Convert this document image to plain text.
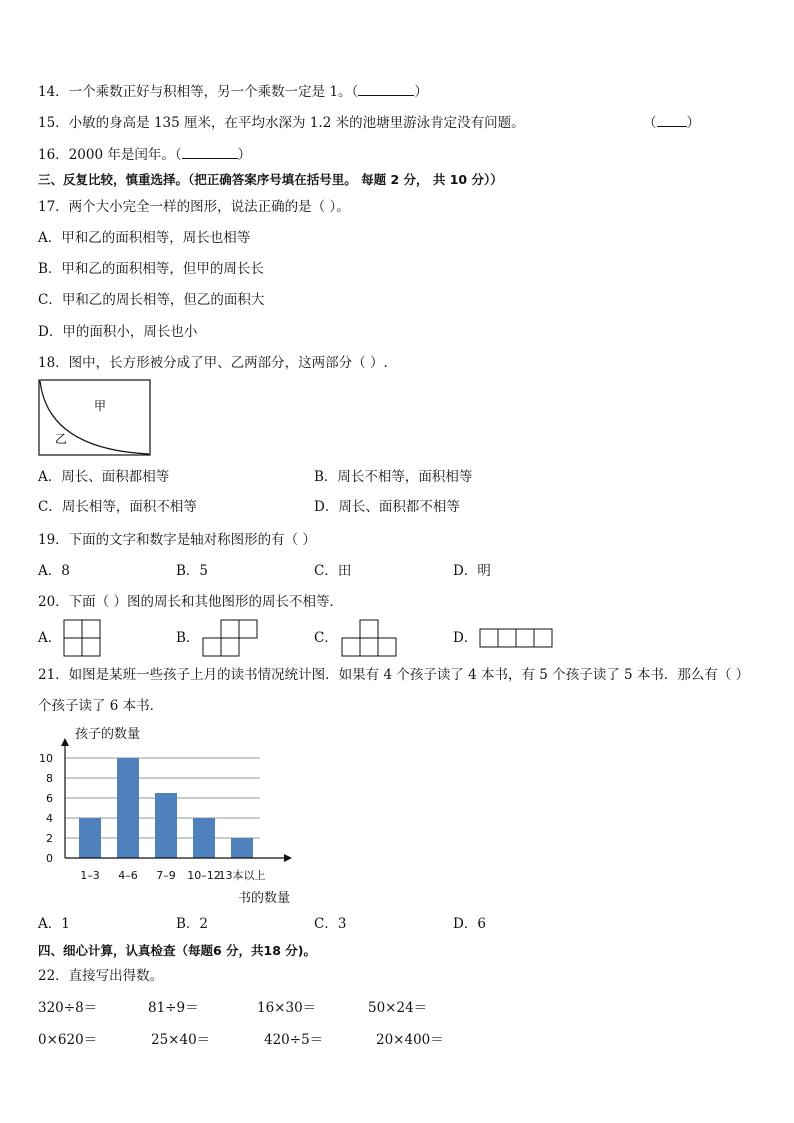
14．一个乘数正好与积相等，另一个乘数一定是 1。（	）
15．小敏的身高是 135 厘米，在平均水深为 1.2 米的池塘里游泳肯定没有问题。	（ ）
16．2000 年是闰年。（	）
三、反复比较，慎重选择。（把正确答案序号填在括号里。 每题 2 分， 共 10 分））
17．两个大小完全一样的图形，说法正确的是（ ）。
A．甲和乙的面积相等，周长也相等
B．甲和乙的面积相等，但甲的周长长
C．甲和乙的周长相等，但乙的面积大
D．甲的面积小，周长也小
18．图中，长方形被分成了甲、乙两部分，这两部分（ ）.
甲
乙
A．周长、面积都相等	B．周长不相等，面积相等
C．周长相等，面积不相等	D．周长、面积都不相等
19．下面的文字和数字是轴对称图形的有（ ）
A．8	B．5	C．田	D．明
20．下面（ ）图的周长和其他图形的周长不相等．
A．	B．	C．	D．
21．如图是某班一些孩子上月的读书情况统计图．如果有 4 个孩子读了 4 本书，有 5 个孩子读了 5 本书．那么有（ ）
个孩子读了 6 本书．
孩子的数量
书的数量
0
2
4
6
8
10
1–3 4–6 7–9 10–12
13本以上
A．1	B．2	C．3	D．6
四、细心计算，认真检查（每题6 分，共18 分)。
22．直接写出得数。
320÷8＝	81÷9＝	16×30＝	50×24＝
0×620＝	25×40＝	420÷5＝	20×400＝
